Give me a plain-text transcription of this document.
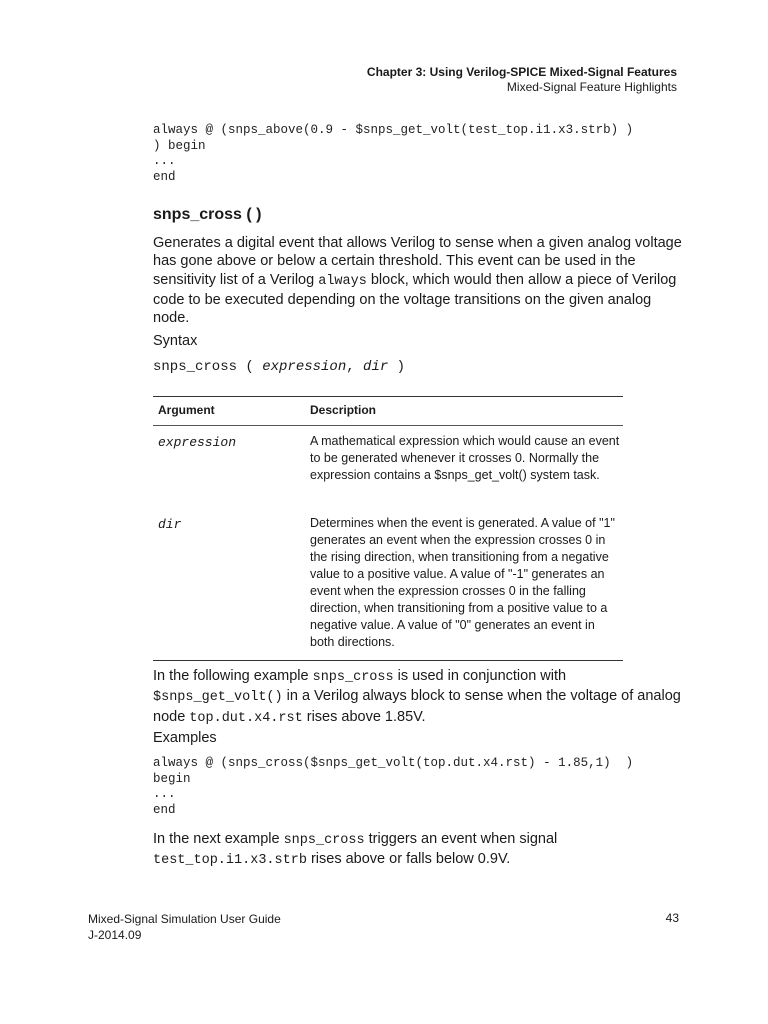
Chapter 3: Using Verilog-SPICE Mixed-Signal Features
Mixed-Signal Feature Highlights
always @ (snps_above(0.9 - $snps_get_volt(test_top.i1.x3.strb) )
) begin
...
end
snps_cross ( )
Generates a digital event that allows Verilog to sense when a given analog voltage has gone above or below a certain threshold. This event can be used in the sensitivity list of a Verilog always block, which would then allow a piece of Verilog code to be executed depending on the voltage transitions on the given analog node.
Syntax
snps_cross ( expression, dir )
Argument	Description
expression	A mathematical expression which would cause an event to be generated whenever it crosses 0. Normally the expression contains a $snps_get_volt() system task.
dir	Determines when the event is generated. A value of "1" generates an event when the expression crosses 0 in the rising direction, when transitioning from a negative value to a positive value. A value of "-1" generates an event when the expression crosses 0 in the falling direction, when transitioning from a positive value to a negative value. A value of "0" generates an event in both directions.
In the following example snps_cross is used in conjunction with $snps_get_volt() in a Verilog always block to sense when the voltage of analog node top.dut.x4.rst rises above 1.85V.
Examples
always @ (snps_cross($snps_get_volt(top.dut.x4.rst) - 1.85,1)  )
begin
...
end
In the next example snps_cross triggers an event when signal test_top.i1.x3.strb rises above or falls below 0.9V.
Mixed-Signal Simulation User Guide
J-2014.09
43
